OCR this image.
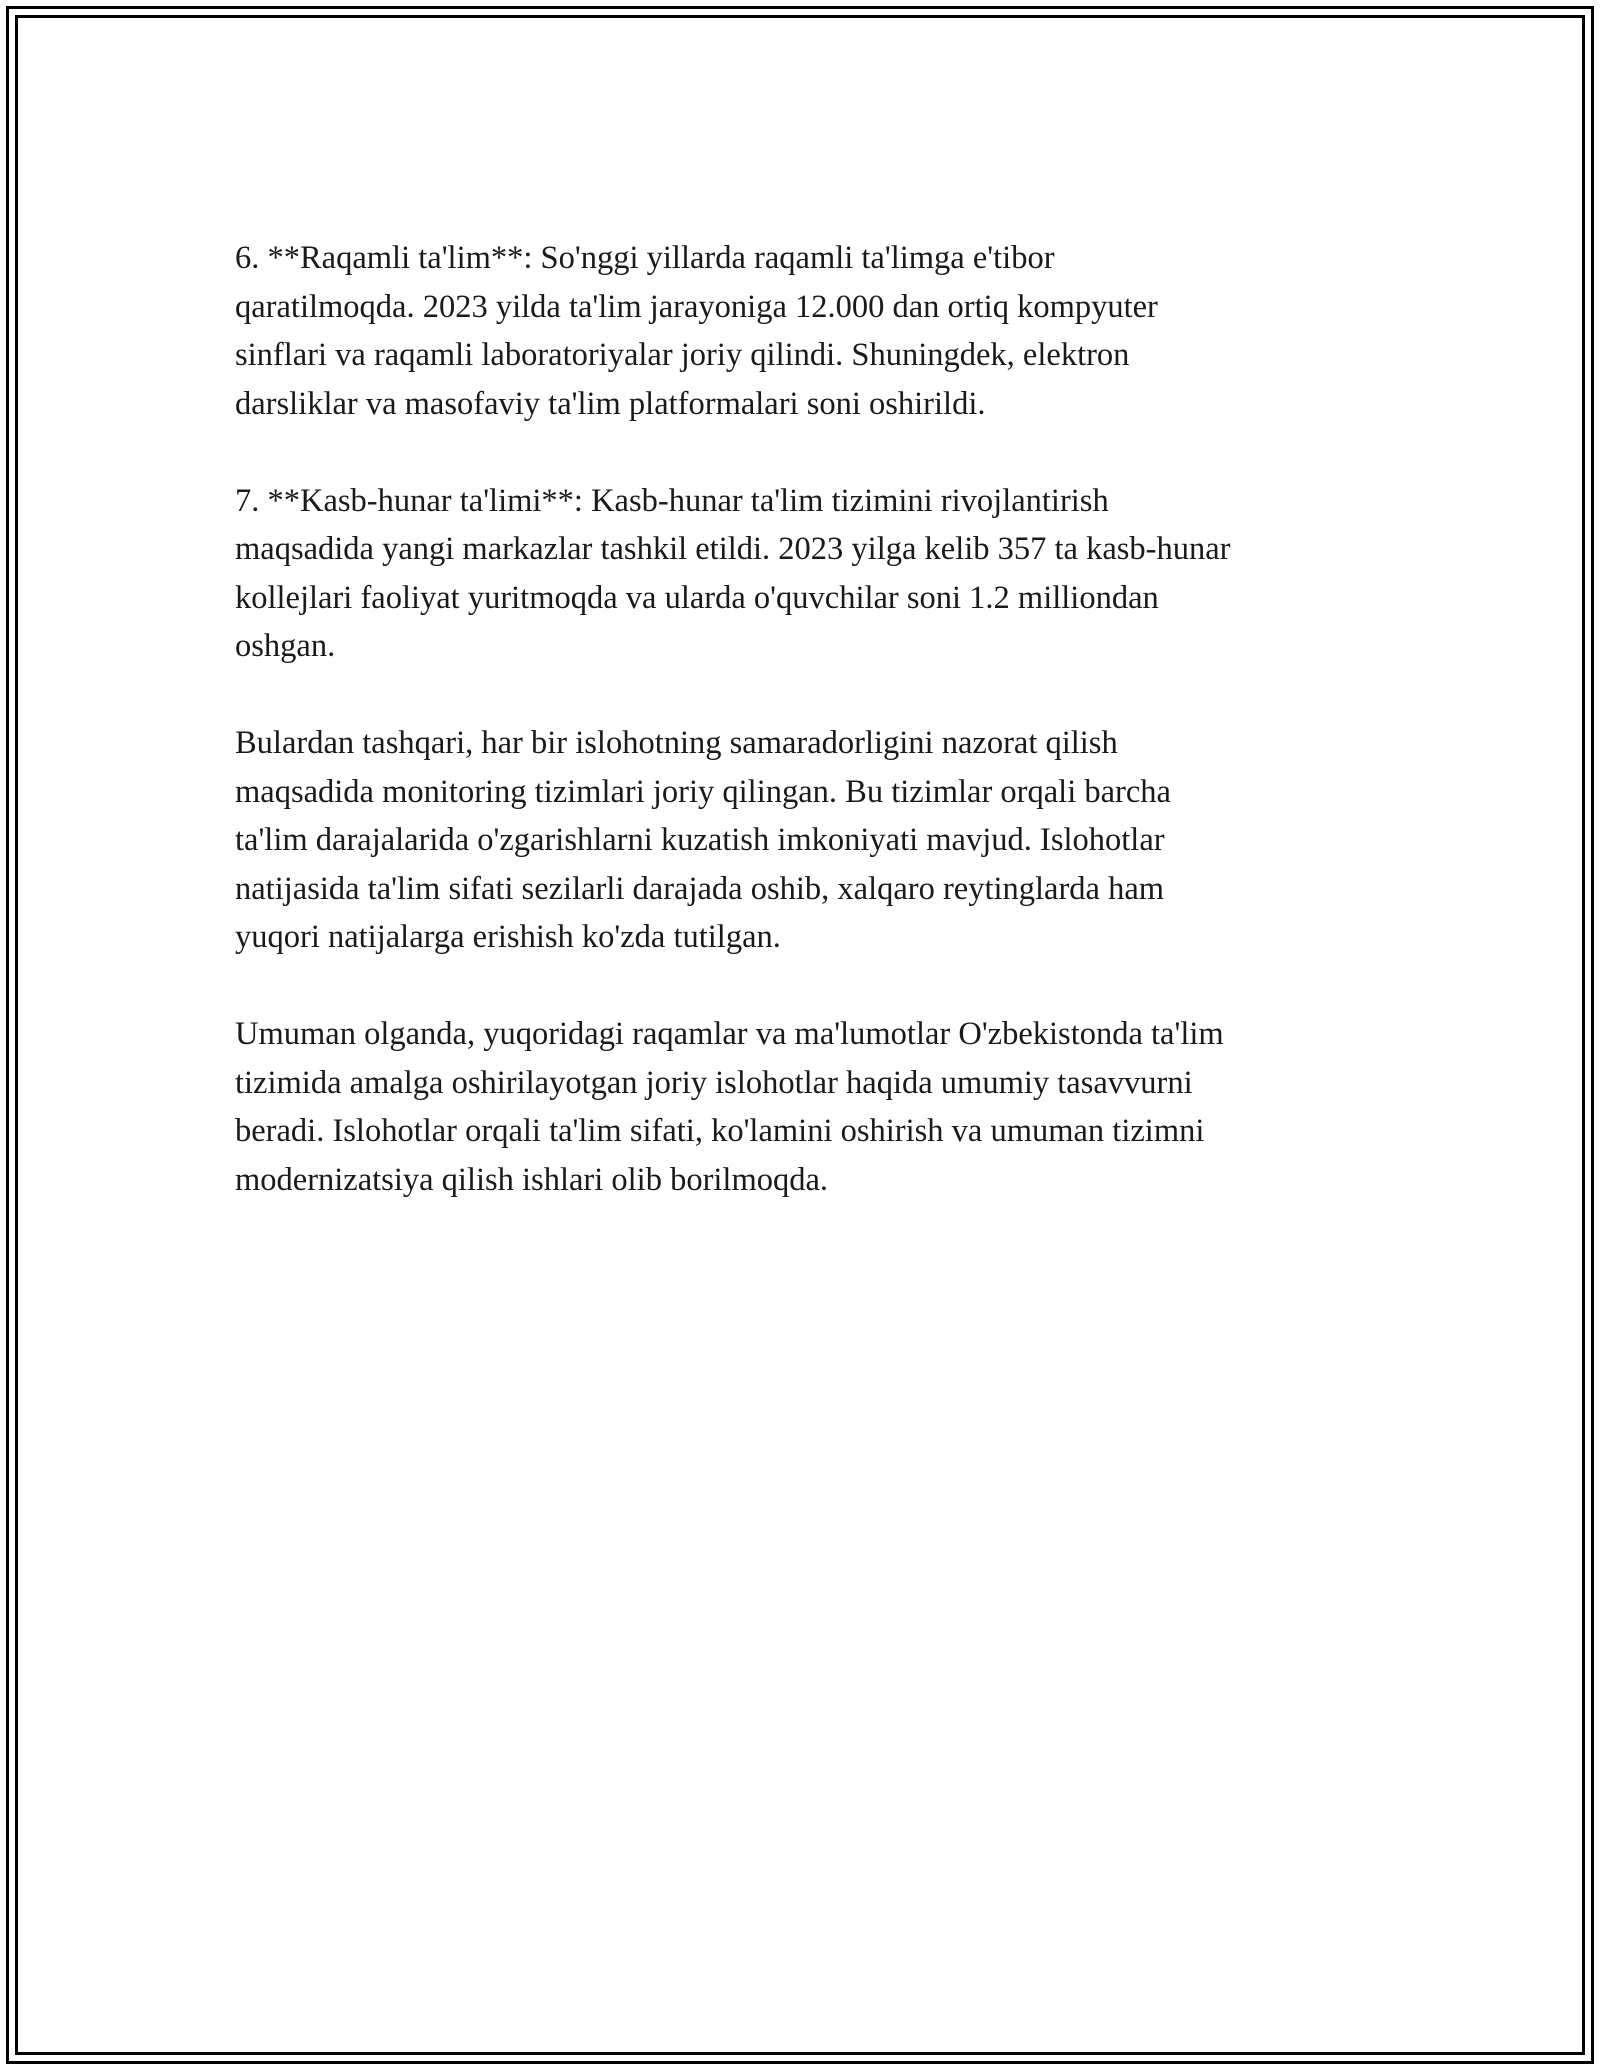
6. **Raqamli ta'lim**: So'nggi yillarda raqamli ta'limga e'tibor
qaratilmoqda. 2023 yilda ta'lim jarayoniga 12.000 dan ortiq kompyuter
sinflari va raqamli laboratoriyalar joriy qilindi. Shuningdek, elektron
darsliklar va masofaviy ta'lim platformalari soni oshirildi.

7. **Kasb-hunar ta'limi**: Kasb-hunar ta'lim tizimini rivojlantirish
maqsadida yangi markazlar tashkil etildi. 2023 yilga kelib 357 ta kasb-hunar
kollejlari faoliyat yuritmoqda va ularda o'quvchilar soni 1.2 milliondan
oshgan.

Bulardan tashqari, har bir islohotning samaradorligini nazorat qilish
maqsadida monitoring tizimlari joriy qilingan. Bu tizimlar orqali barcha
ta'lim darajalarida o'zgarishlarni kuzatish imkoniyati mavjud. Islohotlar
natijasida ta'lim sifati sezilarli darajada oshib, xalqaro reytinglarda ham
yuqori natijalarga erishish ko'zda tutilgan.

Umuman olganda, yuqoridagi raqamlar va ma'lumotlar O'zbekistonda ta'lim
tizimida amalga oshirilayotgan joriy islohotlar haqida umumiy tasavvurni
beradi. Islohotlar orqali ta'lim sifati, ko'lamini oshirish va umuman tizimni
modernizatsiya qilish ishlari olib borilmoqda.
